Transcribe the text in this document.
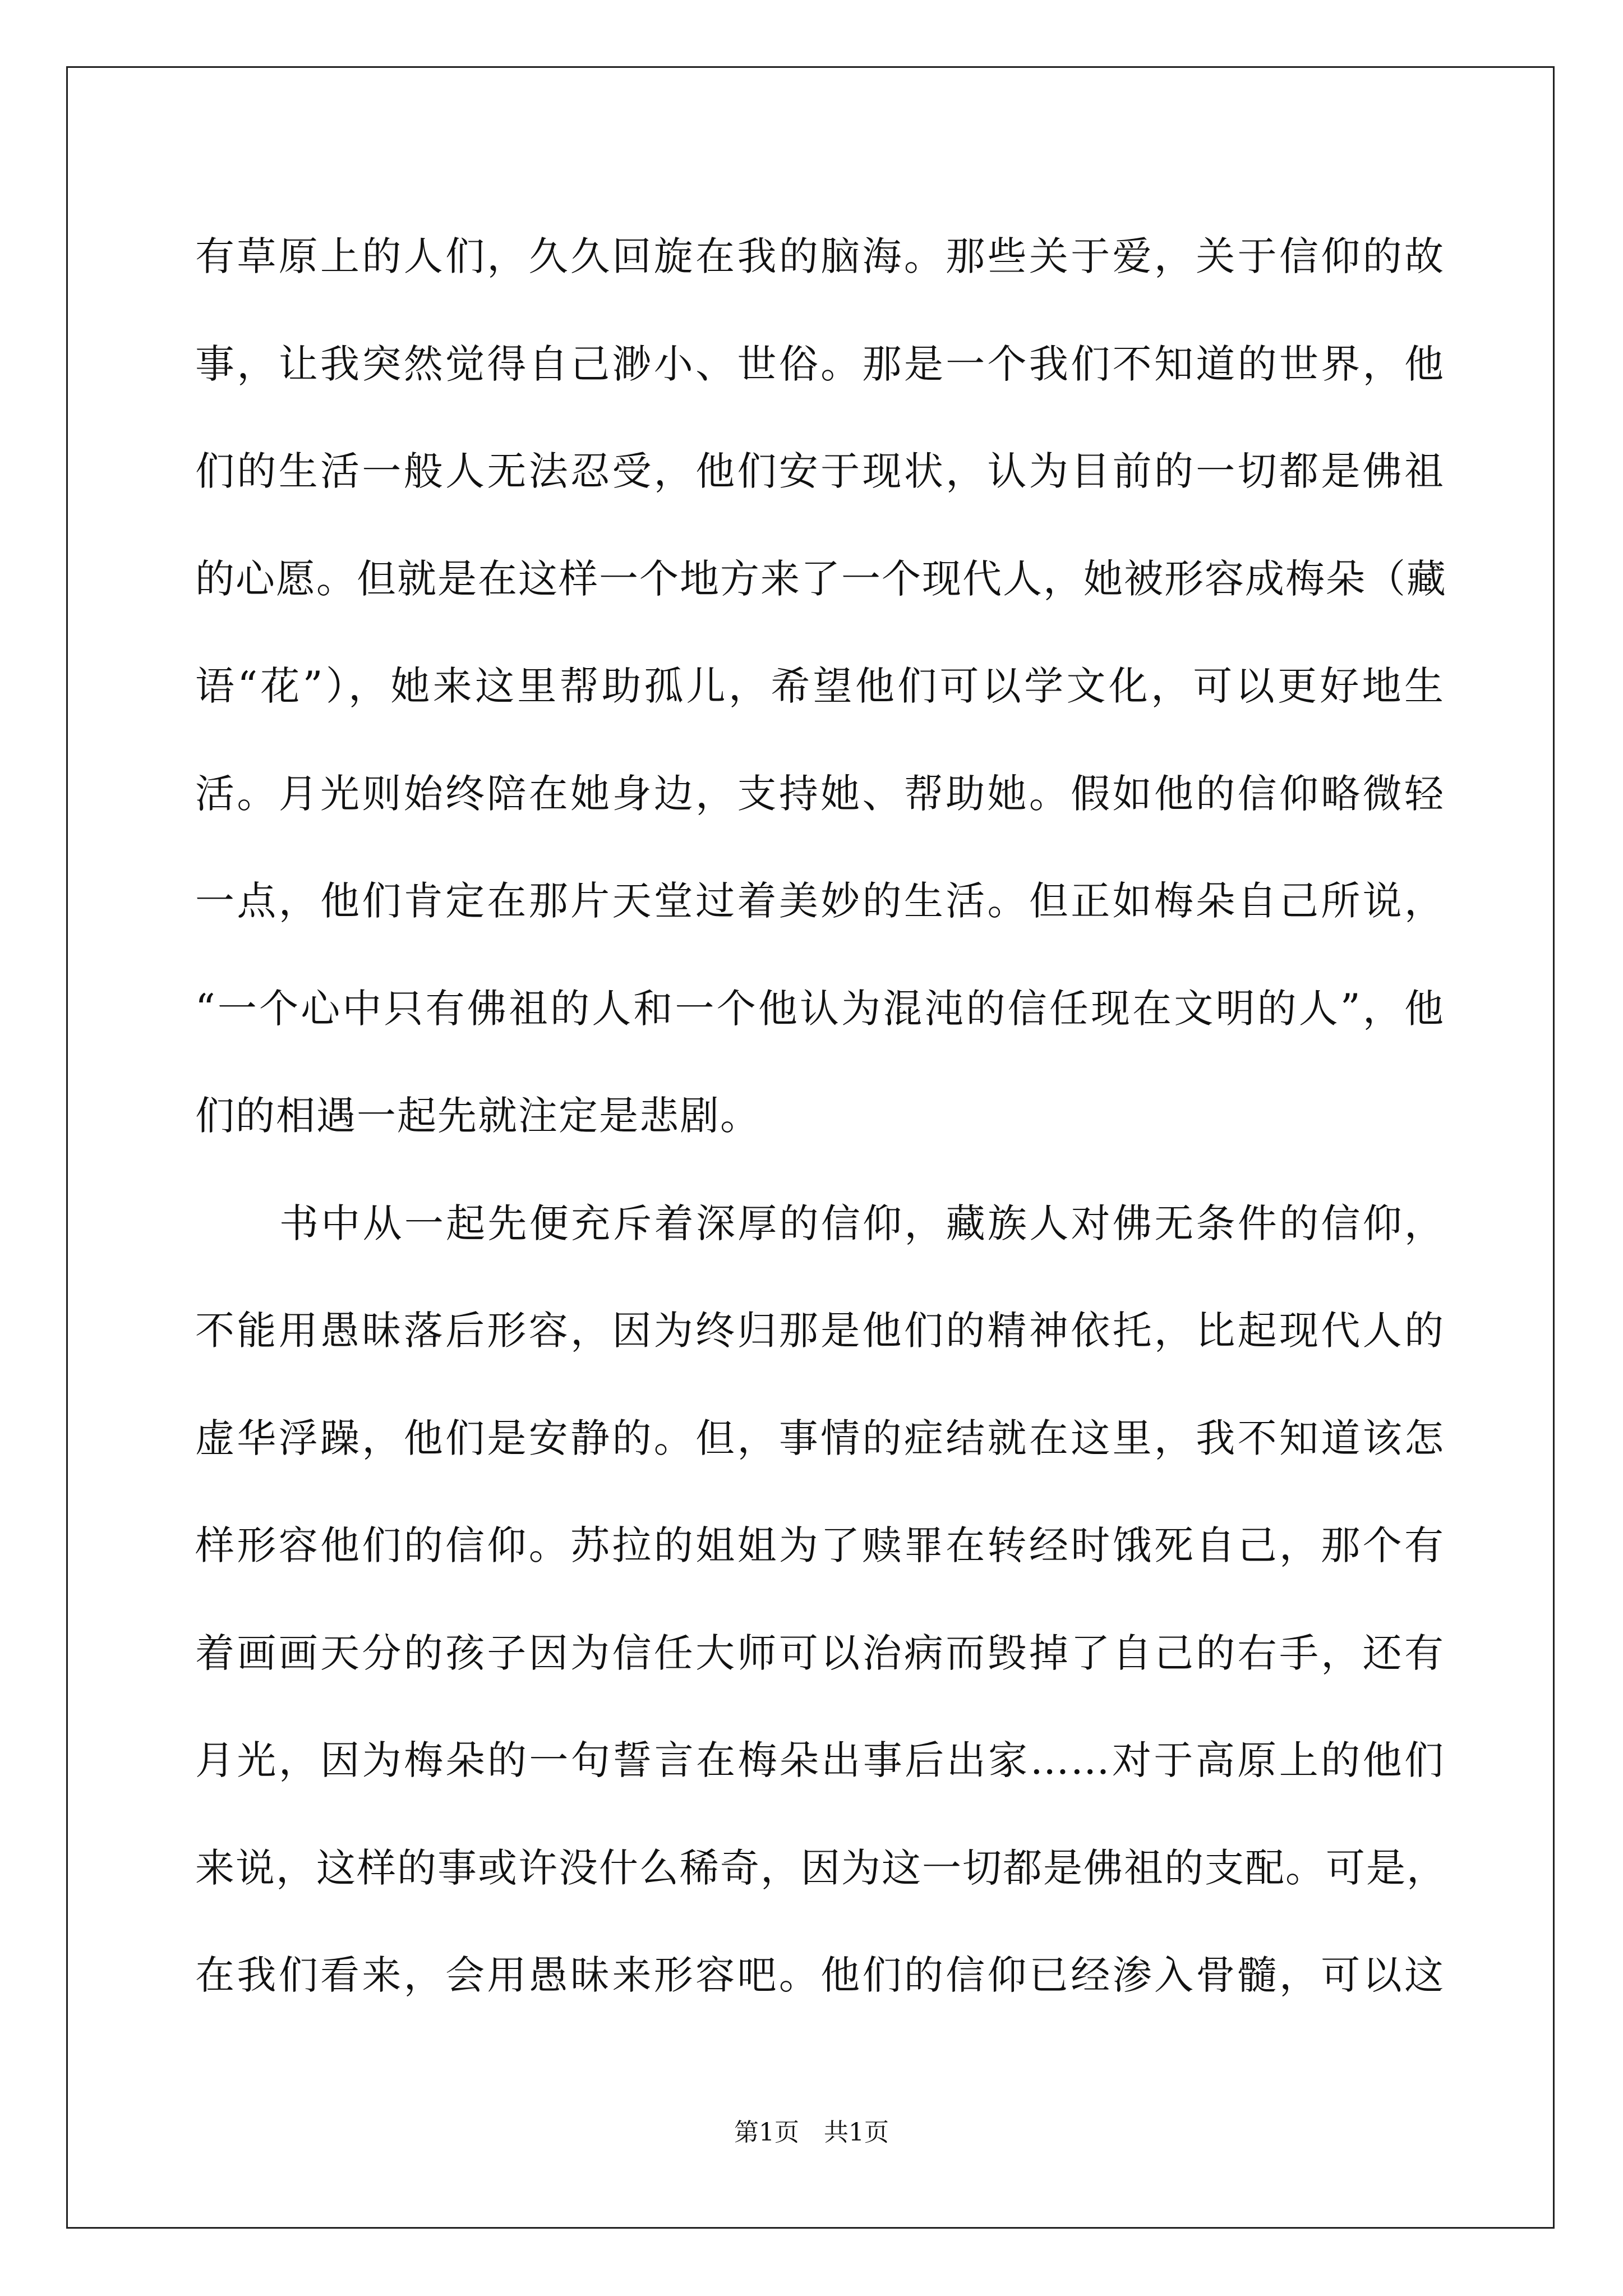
有草原上的人们，久久回旋在我的脑海。那些关于爱，关于信仰的故
事，让我突然觉得自己渺小、世俗。那是一个我们不知道的世界，他
们的生活一般人无法忍受，他们安于现状，认为目前的一切都是佛祖
的心愿。但就是在这样一个地方来了一个现代人，她被形容成梅朵（藏
语“花”），她来这里帮助孤儿，希望他们可以学文化，可以更好地生
活。月光则始终陪在她身边，支持她、帮助她。假如他的信仰略微轻
一点，他们肯定在那片天堂过着美妙的生活。但正如梅朵自己所说，
“一个心中只有佛祖的人和一个他认为混沌的信任现在文明的人”，他
们的相遇一起先就注定是悲剧。
书中从一起先便充斥着深厚的信仰，藏族人对佛无条件的信仰，
不能用愚昧落后形容，因为终归那是他们的精神依托，比起现代人的
虚华浮躁，他们是安静的。但，事情的症结就在这里，我不知道该怎
样形容他们的信仰。苏拉的姐姐为了赎罪在转经时饿死自己，那个有
着画画天分的孩子因为信任大师可以治病而毁掉了自己的右手，还有
月光，因为梅朵的一句誓言在梅朵出事后出家……对于高原上的他们
来说，这样的事或许没什么稀奇，因为这一切都是佛祖的支配。可是，
在我们看来，会用愚昧来形容吧。他们的信仰已经渗入骨髓，可以这
第1页　共1页
